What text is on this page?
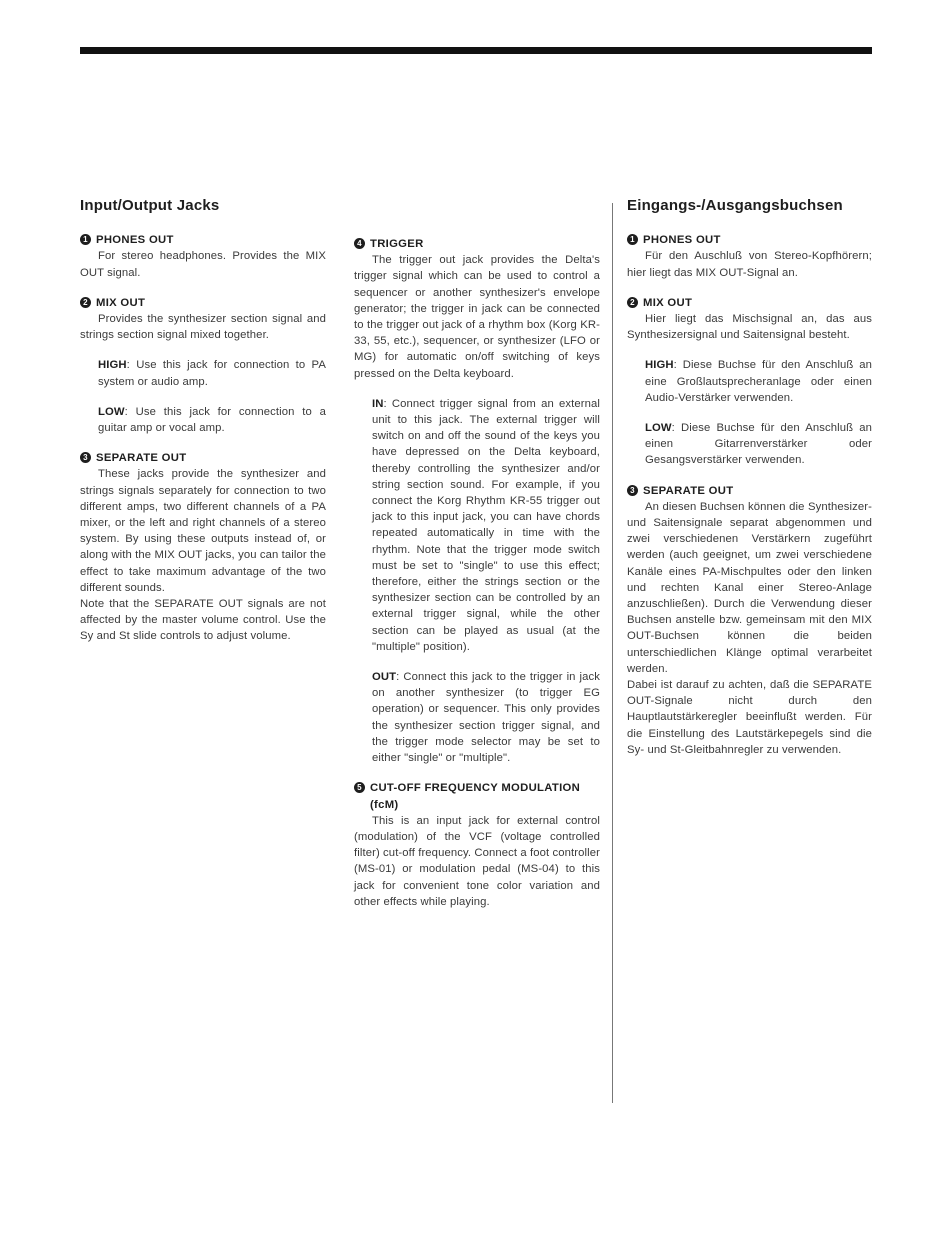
Input/Output Jacks
1 PHONES OUT

For stereo headphones. Provides the MIX OUT signal.

2 MIX OUT

Provides the synthesizer section signal and strings section signal mixed together.

HIGH: Use this jack for connection to PA system or audio amp.

LOW: Use this jack for connection to a guitar amp or vocal amp.

3 SEPARATE OUT

These jacks provide the synthesizer and strings signals separately for connection to two different amps, two different channels of a PA mixer, or the left and right channels of a stereo system. By using these outputs instead of, or along with the MIX OUT jacks, you can tailor the effect to take maximum advantage of the two different sounds.

Note that the SEPARATE OUT signals are not affected by the master volume control. Use the Sy and St slide controls to adjust volume.

4 TRIGGER

The trigger out jack provides the Delta's trigger signal which can be used to control a sequencer or another synthesizer's envelope generator; the trigger in jack can be connected to the trigger out jack of a rhythm box (Korg KR-33, 55, etc.), sequencer, or synthesizer (LFO or MG) for automatic on/off switching of keys pressed on the Delta keyboard.

IN: Connect trigger signal from an external unit to this jack. The external trigger will switch on and off the sound of the keys you have depressed on the Delta keyboard, thereby controlling the synthesizer and/or string section sound. For example, if you connect the Korg Rhythm KR-55 trigger out jack to this input jack, you can have chords repeated automatically in time with the rhythm. Note that the trigger mode switch must be set to "single" to use this effect; therefore, either the strings section or the synthesizer section can be controlled by an external trigger signal, while the other section can be played as usual (at the "multiple" position).

OUT: Connect this jack to the trigger in jack on another synthesizer (to trigger EG operation) or sequencer. This only provides the synthesizer section trigger signal, and the trigger mode selector may be set to either "single" or "multiple".

5 CUT-OFF FREQUENCY MODULATION (fcM)

This is an input jack for external control (modulation) of the VCF (voltage controlled filter) cut-off frequency. Connect a foot controller (MS-01) or modulation pedal (MS-04) to this jack for convenient tone color variation and other effects while playing.

Eingangs-/Ausgangsbuchsen
1 PHONES OUT

Für den Auschluß von Stereo-Kopfhörern; hier liegt das MIX OUT-Signal an.

2 MIX OUT

Hier liegt das Mischsignal an, das aus Synthesizersignal und Saitensignal besteht.

HIGH: Diese Buchse für den Anschluß an eine Großlautsprecheranlage oder einen Audio-Verstärker verwenden.

LOW: Diese Buchse für den Anschluß an einen Gitarrenverstärker oder Gesangsverstärker verwenden.

3 SEPARATE OUT

An diesen Buchsen können die Synthesizer- und Saitensignale separat abgenommen und zwei verschiedenen Verstärkern zugeführt werden (auch geeignet, um zwei verschiedene Kanäle eines PA-Mischpultes oder den linken und rechten Kanal einer Stereo-Anlage anzuschließen). Durch die Verwendung dieser Buchsen anstelle bzw. gemeinsam mit den MIX OUT-Buchsen können die beiden unterschiedlichen Klänge optimal verarbeitet werden.

Dabei ist darauf zu achten, daß die SEPARATE OUT-Signale nicht durch den Hauptlautstärkeregler beeinflußt werden. Für die Einstellung des Lautstärkepegels sind die Sy- und St-Gleitbahnregler zu verwenden.
